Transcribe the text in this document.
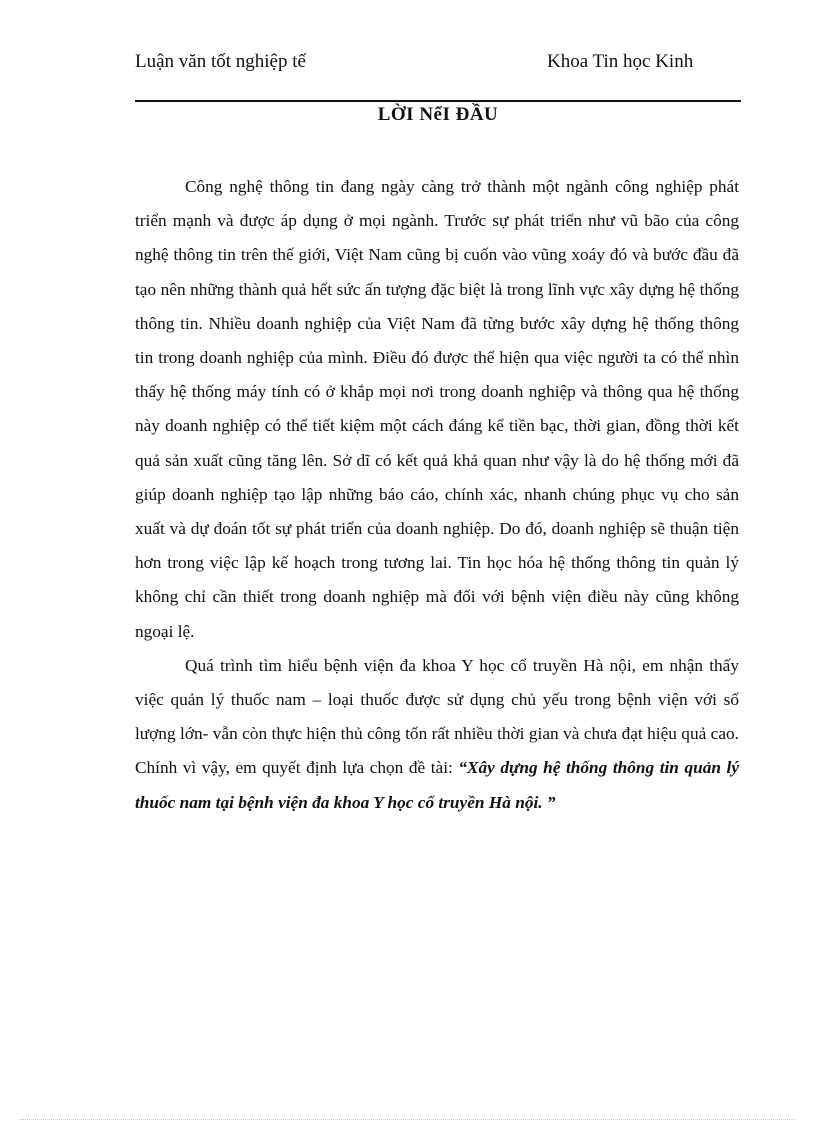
Luận văn tốt nghiệp tế	Khoa Tin học Kinh
LỜI NểI ĐẦU

Công nghệ thông tin đang ngày càng trở thành một ngành công nghiệp phát triển mạnh và được áp dụng ở mọi ngành. Trước sự phát triển như vũ bão của công nghệ thông tin trên thế giới, Việt Nam cũng bị cuốn vào vũng xoáy đó và bước đầu đã tạo nên những thành quả hết sức ấn tượng đặc biệt là trong lĩnh vực xây dựng hệ thống thông tin. Nhiều doanh nghiệp của Việt Nam đã từng bước xây dựng hệ thống thông tin trong doanh nghiệp của mình. Điều đó được thể hiện qua việc người ta có thể nhìn thấy hệ thống máy tính có ở khắp mọi nơi trong doanh nghiệp và thông qua hệ thống này doanh nghiệp có thể tiết kiệm một cách đáng kể tiền bạc, thời gian, đồng thời kết quả sản xuất cũng tăng lên. Sở dĩ có kết quả khả quan như vậy là do hệ thống mới đã giúp doanh nghiệp tạo lập những báo cáo, chính xác, nhanh chúng phục vụ cho sản xuất và dự đoán tốt sự phát triển của doanh nghiệp. Do đó, doanh nghiệp sẽ thuận tiện hơn trong việc lập kế hoạch trong tương lai. Tin học hóa hệ thống thông tin quản lý không chỉ cần thiết trong doanh nghiệp mà đối với bệnh viện điều này cũng không ngoại lệ.

Quá trình tìm hiểu bệnh viện đa khoa Y học cổ truyền Hà nội, em nhận thấy việc quản lý thuốc nam – loại thuốc được sử dụng chủ yếu trong bệnh viện với số lượng lớn- vẫn còn thực hiện thủ công tốn rất nhiều thời gian và chưa đạt hiệu quả cao. Chính vì vậy, em quyết định lựa chọn đề tài: “Xây dựng hệ thống thông tin quản lý thuốc nam tại bệnh viện đa khoa Y học cổ truyền Hà nội. ”
